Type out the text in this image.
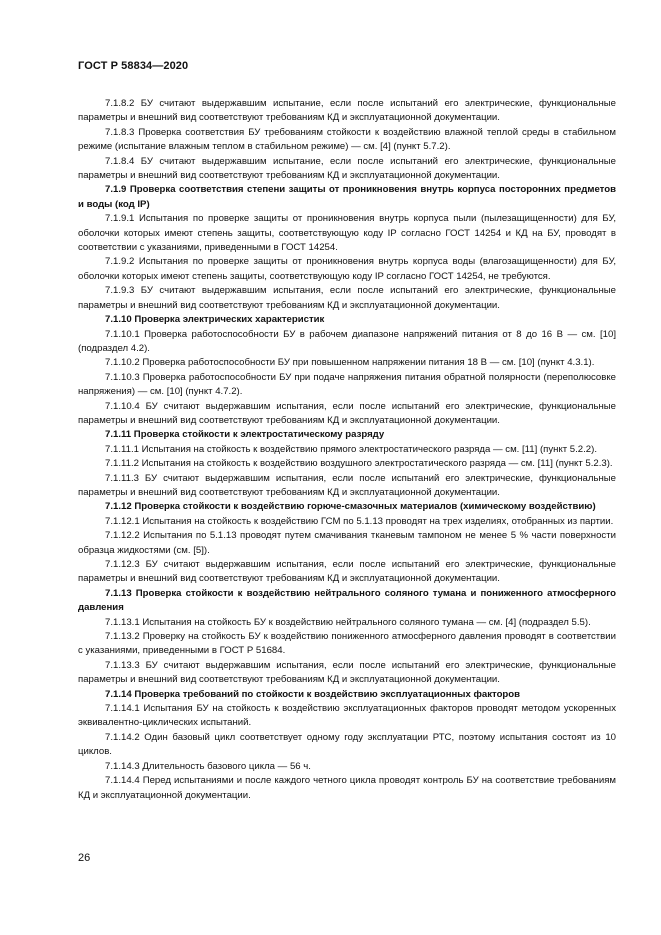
ГОСТ Р 58834—2020

7.1.8.2 БУ считают выдержавшим испытание, если после испытаний его электрические, функциональные параметры и внешний вид соответствуют требованиям КД и эксплуатационной документации.

7.1.8.3 Проверка соответствия БУ требованиям стойкости к воздействию влажной теплой среды в стабильном режиме (испытание влажным теплом в стабильном режиме) — см. [4] (пункт 5.7.2).

7.1.8.4 БУ считают выдержавшим испытание, если после испытаний его электрические, функциональные параметры и внешний вид соответствуют требованиям КД и эксплуатационной документации.

7.1.9 Проверка соответствия степени защиты от проникновения внутрь корпуса посторонних предметов и воды (код IP)

7.1.9.1 Испытания по проверке защиты от проникновения внутрь корпуса пыли (пылезащищенности) для БУ, оболочки которых имеют степень защиты, соответствующую коду IP согласно ГОСТ 14254 и КД на БУ, проводят в соответствии с указаниями, приведенными в ГОСТ 14254.

7.1.9.2 Испытания по проверке защиты от проникновения внутрь корпуса воды (влагозащищенности) для БУ, оболочки которых имеют степень защиты, соответствующую коду IP согласно ГОСТ 14254, не требуются.

7.1.9.3 БУ считают выдержавшим испытания, если после испытаний его электрические, функциональные параметры и внешний вид соответствуют требованиям КД и эксплуатационной документации.

7.1.10 Проверка электрических характеристик

7.1.10.1 Проверка работоспособности БУ в рабочем диапазоне напряжений питания от 8 до 16 В — см. [10] (подраздел 4.2).

7.1.10.2 Проверка работоспособности БУ при повышенном напряжении питания 18 В — см. [10] (пункт 4.3.1).

7.1.10.3 Проверка работоспособности БУ при подаче напряжения питания обратной полярности (переполюсовке напряжения) — см. [10] (пункт 4.7.2).

7.1.10.4 БУ считают выдержавшим испытания, если после испытаний его электрические, функциональные параметры и внешний вид соответствуют требованиям КД и эксплуатационной документации.

7.1.11 Проверка стойкости к электростатическому разряду

7.1.11.1 Испытания на стойкость к воздействию прямого электростатического разряда — см. [11] (пункт 5.2.2).

7.1.11.2 Испытания на стойкость к воздействию воздушного электростатического разряда — см. [11] (пункт 5.2.3).

7.1.11.3 БУ считают выдержавшим испытания, если после испытаний его электрические, функциональные параметры и внешний вид соответствуют требованиям КД и эксплуатационной документации.

7.1.12 Проверка стойкости к воздействию горюче-смазочных материалов (химическому воздействию)

7.1.12.1 Испытания на стойкость к воздействию ГСМ по 5.1.13 проводят на трех изделиях, отобранных из партии.

7.1.12.2 Испытания по 5.1.13 проводят путем смачивания тканевым тампоном не менее 5 % части поверхности образца жидкостями (см. [5]).

7.1.12.3 БУ считают выдержавшим испытания, если после испытаний его электрические, функциональные параметры и внешний вид соответствуют требованиям КД и эксплуатационной документации.

7.1.13 Проверка стойкости к воздействию нейтрального соляного тумана и пониженного атмосферного давления

7.1.13.1 Испытания на стойкость БУ к воздействию нейтрального соляного тумана — см. [4] (подраздел 5.5).

7.1.13.2 Проверку на стойкость БУ к воздействию пониженного атмосферного давления проводят в соответствии с указаниями, приведенными в ГОСТ Р 51684.

7.1.13.3 БУ считают выдержавшим испытания, если после испытаний его электрические, функциональные параметры и внешний вид соответствуют требованиям КД и эксплуатационной документации.

7.1.14 Проверка требований по стойкости к воздействию эксплуатационных факторов

7.1.14.1 Испытания БУ на стойкость к воздействию эксплуатационных факторов проводят методом ускоренных эквивалентно-циклических испытаний.

7.1.14.2 Один базовый цикл соответствует одному году эксплуатации РТС, поэтому испытания состоят из 10 циклов.

7.1.14.3 Длительность базового цикла — 56 ч.

7.1.14.4 Перед испытаниями и после каждого четного цикла проводят контроль БУ на соответствие требованиям КД и эксплуатационной документации.

26
